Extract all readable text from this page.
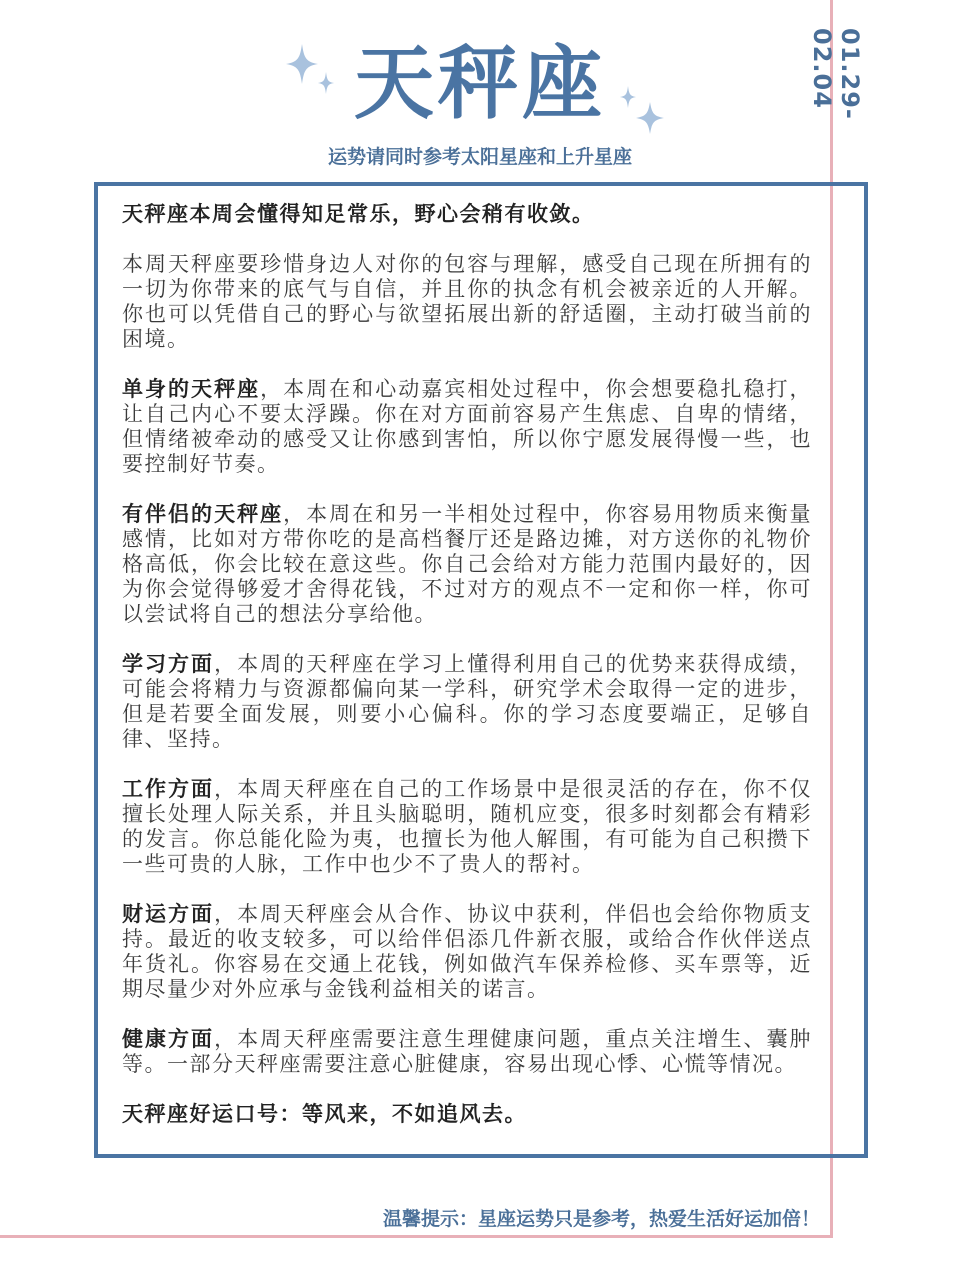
01.29-02.04
天秤座
运势请同时参考太阳星座和上升星座

天秤座本周会懂得知足常乐，野心会稍有收敛。

本周天秤座要珍惜身边人对你的包容与理解，感受自己现在所拥有的一切为你带来的底气与自信，并且你的执念有机会被亲近的人开解。你也可以凭借自己的野心与欲望拓展出新的舒适圈，主动打破当前的困境。

单身的天秤座，本周在和心动嘉宾相处过程中，你会想要稳扎稳打，让自己内心不要太浮躁。你在对方面前容易产生焦虑、自卑的情绪，但情绪被牵动的感受又让你感到害怕，所以你宁愿发展得慢一些，也要控制好节奏。

有伴侣的天秤座，本周在和另一半相处过程中，你容易用物质来衡量感情，比如对方带你吃的是高档餐厅还是路边摊，对方送你的礼物价格高低，你会比较在意这些。你自己会给对方能力范围内最好的，因为你会觉得够爱才舍得花钱，不过对方的观点不一定和你一样，你可以尝试将自己的想法分享给他。

学习方面，本周的天秤座在学习上懂得利用自己的优势来获得成绩，可能会将精力与资源都偏向某一学科，研究学术会取得一定的进步，但是若要全面发展，则要小心偏科。你的学习态度要端正，足够自律、坚持。

工作方面，本周天秤座在自己的工作场景中是很灵活的存在，你不仅擅长处理人际关系，并且头脑聪明，随机应变，很多时刻都会有精彩的发言。你总能化险为夷，也擅长为他人解围，有可能为自己积攒下一些可贵的人脉，工作中也少不了贵人的帮衬。

财运方面，本周天秤座会从合作、协议中获利，伴侣也会给你物质支持。最近的收支较多，可以给伴侣添几件新衣服，或给合作伙伴送点年货礼。你容易在交通上花钱，例如做汽车保养检修、买车票等，近期尽量少对外应承与金钱利益相关的诺言。

健康方面，本周天秤座需要注意生理健康问题，重点关注增生、囊肿等。一部分天秤座需要注意心脏健康，容易出现心悸、心慌等情况。

天秤座好运口号：等风来，不如追风去。

温馨提示：星座运势只是参考，热爱生活好运加倍！
